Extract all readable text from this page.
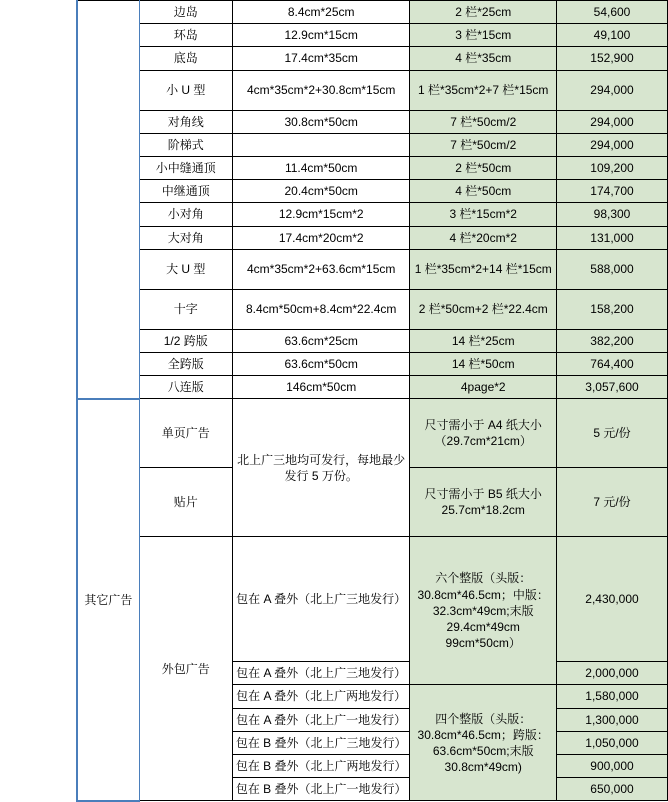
	边岛	8.4cm*25cm	2 栏*25cm	54,600
	环岛	12.9cm*15cm	3 栏*15cm	49,100
	底岛	17.4cm*35cm	4 栏*35cm	152,900
	小 U 型	4cm*35cm*2+30.8cm*15cm	1 栏*35cm*2+7 栏*15cm	294,000
	对角线	30.8cm*50cm	7 栏*50cm/2	294,000
	阶梯式		7 栏*50cm/2	294,000
	小中缝通顶	11.4cm*50cm	2 栏*50cm	109,200
	中继通顶	20.4cm*50cm	4 栏*50cm	174,700
	小对角	12.9cm*15cm*2	3 栏*15cm*2	98,300
	大对角	17.4cm*20cm*2	4 栏*20cm*2	131,000
	大 U 型	4cm*35cm*2+63.6cm*15cm	1 栏*35cm*2+14 栏*15cm	588,000
	十字	8.4cm*50cm+8.4cm*22.4cm	2 栏*50cm+2 栏*22.4cm	158,200
	1/2 跨版	63.6cm*25cm	14 栏*25cm	382,200
	全跨版	63.6cm*50cm	14 栏*50cm	764,400
	八连版	146cm*50cm	4page*2	3,057,600
其它广告	单页广告	北上广三地均可发行，每地最少发行 5 万份。	尺寸需小于 A4 纸大小（29.7cm*21cm）	5 元/份
	贴片		尺寸需小于 B5 纸大小 25.7cm*18.2cm	7 元/份
	外包广告	包在 A 叠外（北上广三地发行）	六个整版（头版：30.8cm*46.5cm；中版：32.3cm*49cm;末版 29.4cm*49cm 99cm*50cm）	2,430,000
		包在 A 叠外（北上广三地发行）		2,000,000
		包在 A 叠外（北上广两地发行）	四个整版（头版：30.8cm*46.5cm；跨版：63.6cm*50cm;末版 30.8cm*49cm)	1,580,000
		包在 A 叠外（北上广一地发行）		1,300,000
		包在 B 叠外（北上广三地发行）		1,050,000
		包在 B 叠外（北上广两地发行）		900,000
		包在 B 叠外（北上广一地发行）		650,000
